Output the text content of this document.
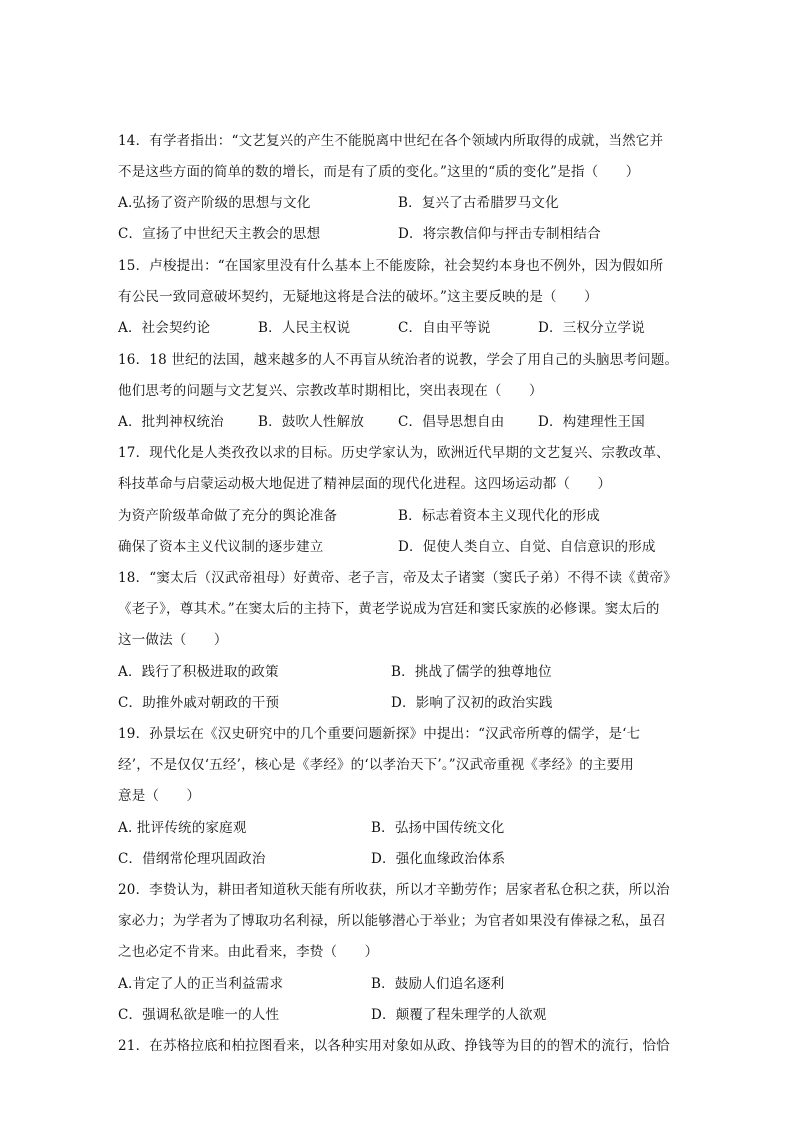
14．有学者指出：“文艺复兴的产生不能脱离中世纪在各个领域内所取得的成就，当然它并
不是这些方面的简单的数的增长，而是有了质的变化。”这里的“质的变化”是指（　　）
A.弘扬了资产阶级的思想与文化	B．复兴了古希腊罗马文化
C．宣扬了中世纪天主教会的思想	D．将宗教信仰与抨击专制相结合
15．卢梭提出：“在国家里没有什么基本上不能废除，社会契约本身也不例外，因为假如所
有公民一致同意破坏契约，无疑地这将是合法的破坏。”这主要反映的是（　　）
A．社会契约论	B．人民主权说	C．自由平等说	D．三权分立学说
16．18 世纪的法国，越来越多的人不再盲从统治者的说教，学会了用自己的头脑思考问题。
他们思考的问题与文艺复兴、宗教改革时期相比，突出表现在（　　）
A．批判神权统治	B．鼓吹人性解放	C．倡导思想自由 D．构建理性王国
17．现代化是人类孜孜以求的目标。历史学家认为，欧洲近代早期的文艺复兴、宗教改革、
科技革命与启蒙运动极大地促进了精神层面的现代化进程。这四场运动都（　　）
为资产阶级革命做了充分的舆论准备	B．标志着资本主义现代化的形成
确保了资本主义代议制的逐步建立	D．促使人类自立、自觉、自信意识的形成
18．“窦太后（汉武帝祖母）好黄帝、老子言，帝及太子诸窦（窦氏子弟）不得不读《黄帝》
《老子》，尊其术。”在窦太后的主持下，黄老学说成为宫廷和窦氏家族的必修课。窦太后的
这一做法（　　）
A．践行了积极进取的政策	B．挑战了儒学的独尊地位
C．助推外戚对朝政的干预	D．影响了汉初的政治实践
19．孙景坛在《汉史研究中的几个重要问题新探》中提出：“汉武帝所尊的儒学，是‘七
经’，不是仅仅‘五经’，核心是《孝经》的‘以孝治天下’。”汉武帝重视《孝经》的主要用
意是（　　）
A. 批评传统的家庭观	B．弘扬中国传统文化
C．借纲常伦理巩固政治	D．强化血缘政治体系
20．李贽认为，耕田者知道秋天能有所收获，所以才辛勤劳作；居家者私仓积之获，所以治
家必力；为学者为了博取功名利禄，所以能够潜心于举业；为官者如果没有俸禄之私，虽召
之也必定不肯来。由此看来，李贽（　　）
A.肯定了人的正当利益需求	B．鼓励人们追名逐利
C．强调私欲是唯一的人性	D．颠覆了程朱理学的人欲观
21．在苏格拉底和柏拉图看来，以各种实用对象如从政、挣钱等为目的的智术的流行，恰恰
